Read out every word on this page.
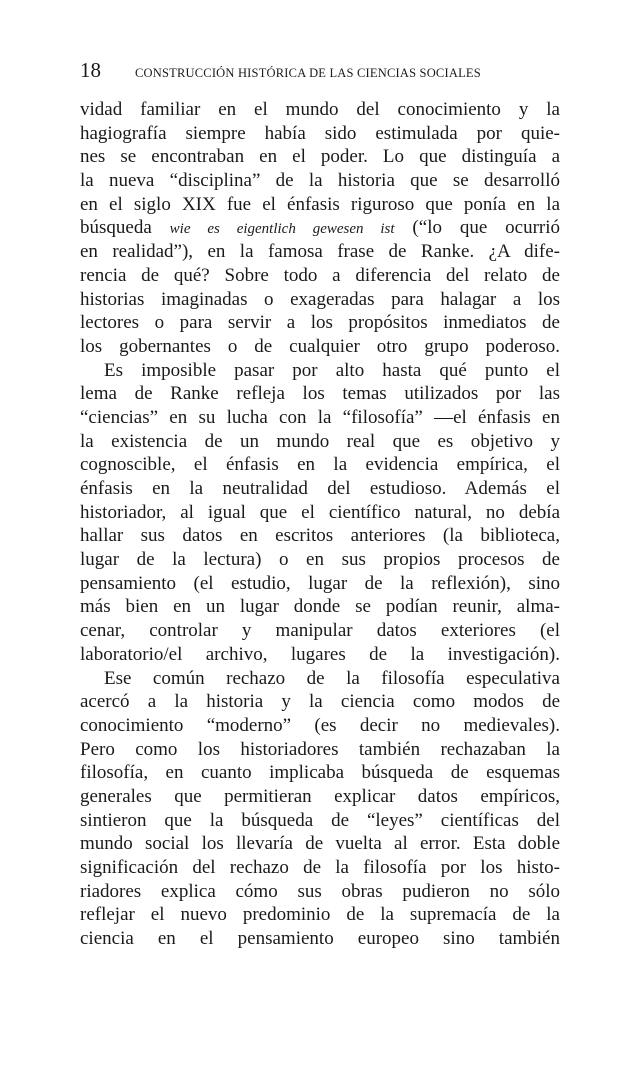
18	CONSTRUCCIÓN HISTÓRICA DE LAS CIENCIAS SOCIALES
vidad familiar en el mundo del conocimiento y la
hagiografía siempre había sido estimulada por quie-
nes se encontraban en el poder. Lo que distinguía a
la nueva “disciplina” de la historia que se desarrolló
en el siglo XIX fue el énfasis riguroso que ponía en la
búsqueda wie es eigentlich gewesen ist (“lo que ocurrió
en realidad”), en la famosa frase de Ranke. ¿A dife-
rencia de qué? Sobre todo a diferencia del relato de
historias imaginadas o exageradas para halagar a los
lectores o para servir a los propósitos inmediatos de
los gobernantes o de cualquier otro grupo poderoso.
Es imposible pasar por alto hasta qué punto el
lema de Ranke refleja los temas utilizados por las
“ciencias” en su lucha con la “filosofía” —el énfasis en
la existencia de un mundo real que es objetivo y
cognoscible, el énfasis en la evidencia empírica, el
énfasis en la neutralidad del estudioso. Además el
historiador, al igual que el científico natural, no debía
hallar sus datos en escritos anteriores (la biblioteca,
lugar de la lectura) o en sus propios procesos de
pensamiento (el estudio, lugar de la reflexión), sino
más bien en un lugar donde se podían reunir, alma-
cenar, controlar y manipular datos exteriores (el
laboratorio/el archivo, lugares de la investigación).
Ese común rechazo de la filosofía especulativa
acercó a la historia y la ciencia como modos de
conocimiento “moderno” (es decir no medievales).
Pero como los historiadores también rechazaban la
filosofía, en cuanto implicaba búsqueda de esquemas
generales que permitieran explicar datos empíricos,
sintieron que la búsqueda de “leyes” científicas del
mundo social los llevaría de vuelta al error. Esta doble
significación del rechazo de la filosofía por los histo-
riadores explica cómo sus obras pudieron no sólo
reflejar el nuevo predominio de la supremacía de la
ciencia en el pensamiento europeo sino también
